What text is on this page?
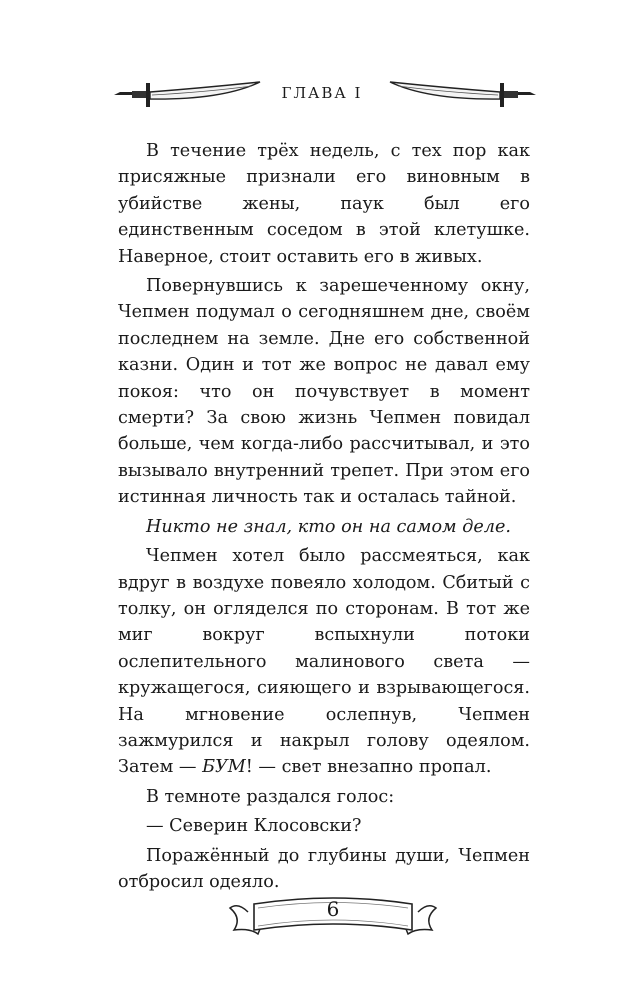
ГЛАВА I

В течение трёх недель, с тех пор как присяжные признали его виновным в убийстве жены, паук был его единственным соседом в этой клетушке. Наверное, стоит оставить его в живых.

Повернувшись к зарешеченному окну, Чепмен подумал о сегодняшнем дне, своём последнем на земле. Дне его собственной казни. Один и тот же вопрос не давал ему покоя: что он почувствует в момент смерти? За свою жизнь Чепмен повидал больше, чем когда-либо рассчитывал, и это вызывало внутренний трепет. При этом его истинная личность так и осталась тайной.

Никто не знал, кто он на самом деле.

Чепмен хотел было рассмеяться, как вдруг в воздухе повеяло холодом. Сбитый с толку, он огляделся по сторонам. В тот же миг вокруг вспыхнули потоки ослепительного малинового света — кружащегося, сияющего и взрывающегося. На мгновение ослепнув, Чепмен зажмурился и накрыл голову одеялом. Затем — БУМ! — свет внезапно пропал.

В темноте раздался голос:

— Северин Клосовски?

Поражённый до глубины души, Чепмен отбросил одеяло.

6
